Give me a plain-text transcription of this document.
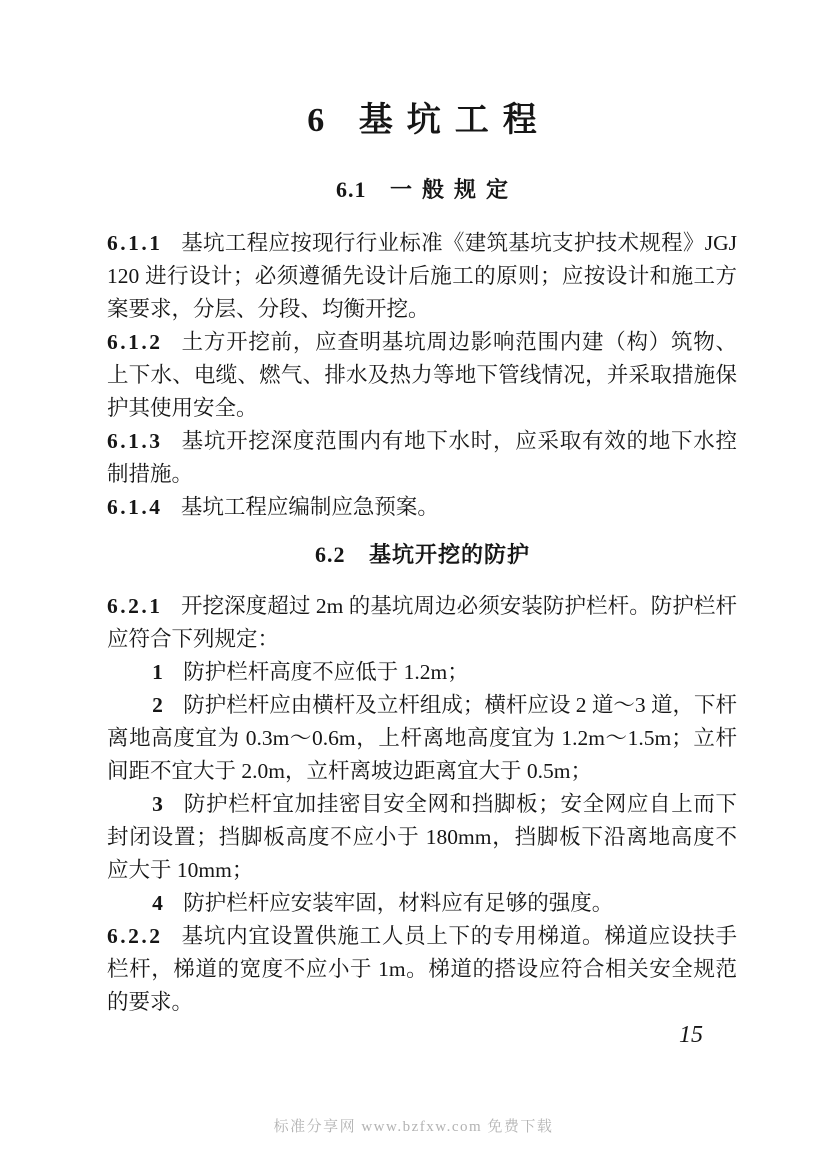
6 基坑工程
6.1 一般规定

6.1.1 基坑工程应按现行行业标准《建筑基坑支护技术规程》JGJ 120 进行设计；必须遵循先设计后施工的原则；应按设计和施工方案要求，分层、分段、均衡开挖。

6.1.2 土方开挖前，应查明基坑周边影响范围内建（构）筑物、上下水、电缆、燃气、排水及热力等地下管线情况，并采取措施保护其使用安全。

6.1.3 基坑开挖深度范围内有地下水时，应采取有效的地下水控制措施。

6.1.4 基坑工程应编制应急预案。

6.2 基坑开挖的防护

6.2.1 开挖深度超过 2m 的基坑周边必须安装防护栏杆。防护栏杆应符合下列规定：

1 防护栏杆高度不应低于 1.2m；

2 防护栏杆应由横杆及立杆组成；横杆应设 2 道～3 道，下杆离地高度宜为 0.3m～0.6m，上杆离地高度宜为 1.2m～1.5m；立杆间距不宜大于 2.0m，立杆离坡边距离宜大于 0.5m；

3 防护栏杆宜加挂密目安全网和挡脚板；安全网应自上而下封闭设置；挡脚板高度不应小于 180mm，挡脚板下沿离地高度不应大于 10mm；

4 防护栏杆应安装牢固，材料应有足够的强度。

6.2.2 基坑内宜设置供施工人员上下的专用梯道。梯道应设扶手栏杆，梯道的宽度不应小于 1m。梯道的搭设应符合相关安全规范的要求。

15
标准分享网 www.bzfxw.com 免费下载
